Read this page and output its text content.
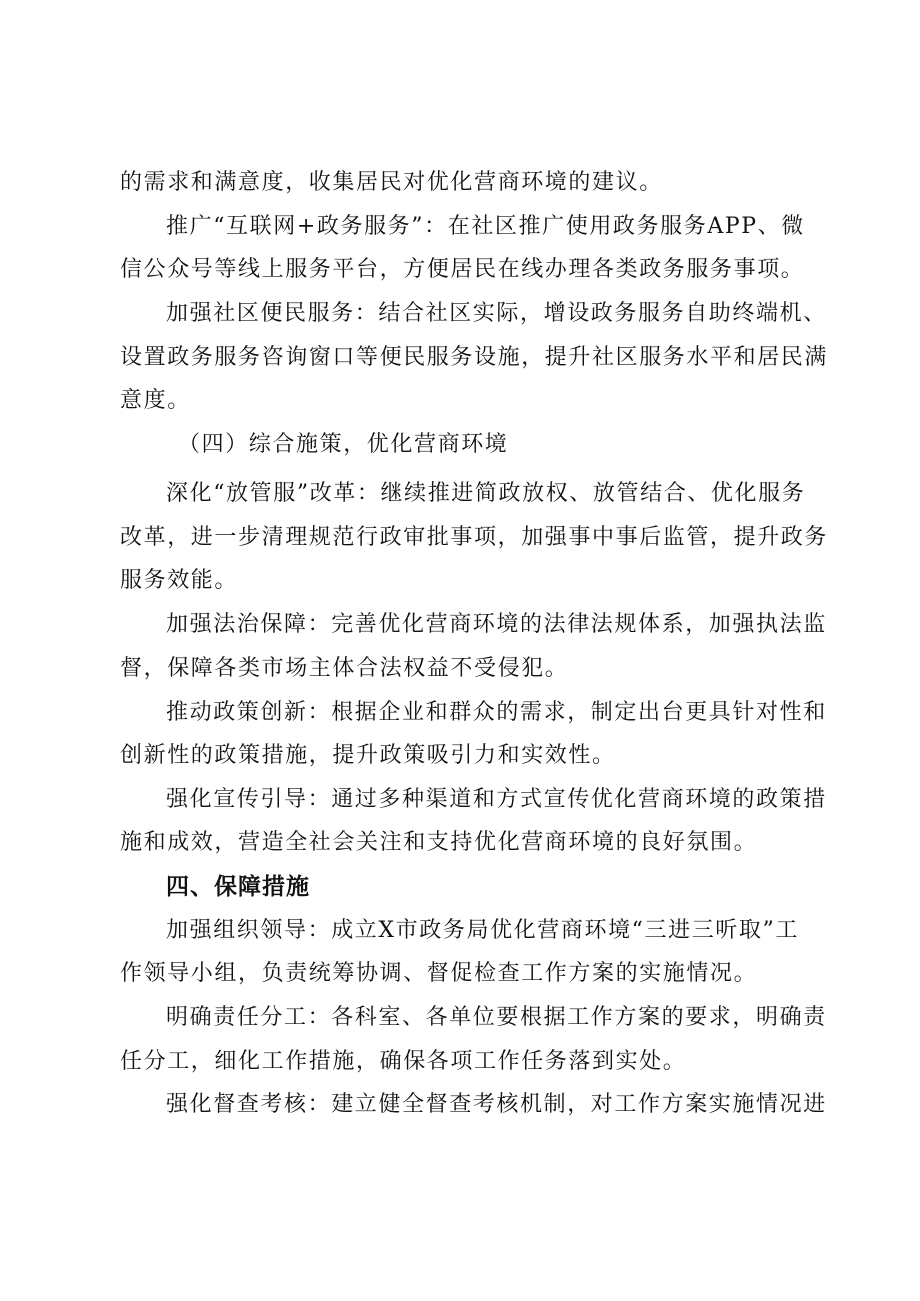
的需求和满意度，收集居民对优化营商环境的建议。
推广“互联网+政务服务”：在社区推广使用政务服务APP、微
信公众号等线上服务平台，方便居民在线办理各类政务服务事项。
加强社区便民服务：结合社区实际，增设政务服务自助终端机、
设置政务服务咨询窗口等便民服务设施，提升社区服务水平和居民满
意度。
（四）综合施策，优化营商环境
深化“放管服”改革：继续推进简政放权、放管结合、优化服务
改革，进一步清理规范行政审批事项，加强事中事后监管，提升政务
服务效能。
加强法治保障：完善优化营商环境的法律法规体系，加强执法监
督，保障各类市场主体合法权益不受侵犯。
推动政策创新：根据企业和群众的需求，制定出台更具针对性和
创新性的政策措施，提升政策吸引力和实效性。
强化宣传引导：通过多种渠道和方式宣传优化营商环境的政策措
施和成效，营造全社会关注和支持优化营商环境的良好氛围。
四、保障措施
加强组织领导：成立X市政务局优化营商环境“三进三听取”工
作领导小组，负责统筹协调、督促检查工作方案的实施情况。
明确责任分工：各科室、各单位要根据工作方案的要求，明确责
任分工，细化工作措施，确保各项工作任务落到实处。
强化督查考核：建立健全督查考核机制，对工作方案实施情况进
